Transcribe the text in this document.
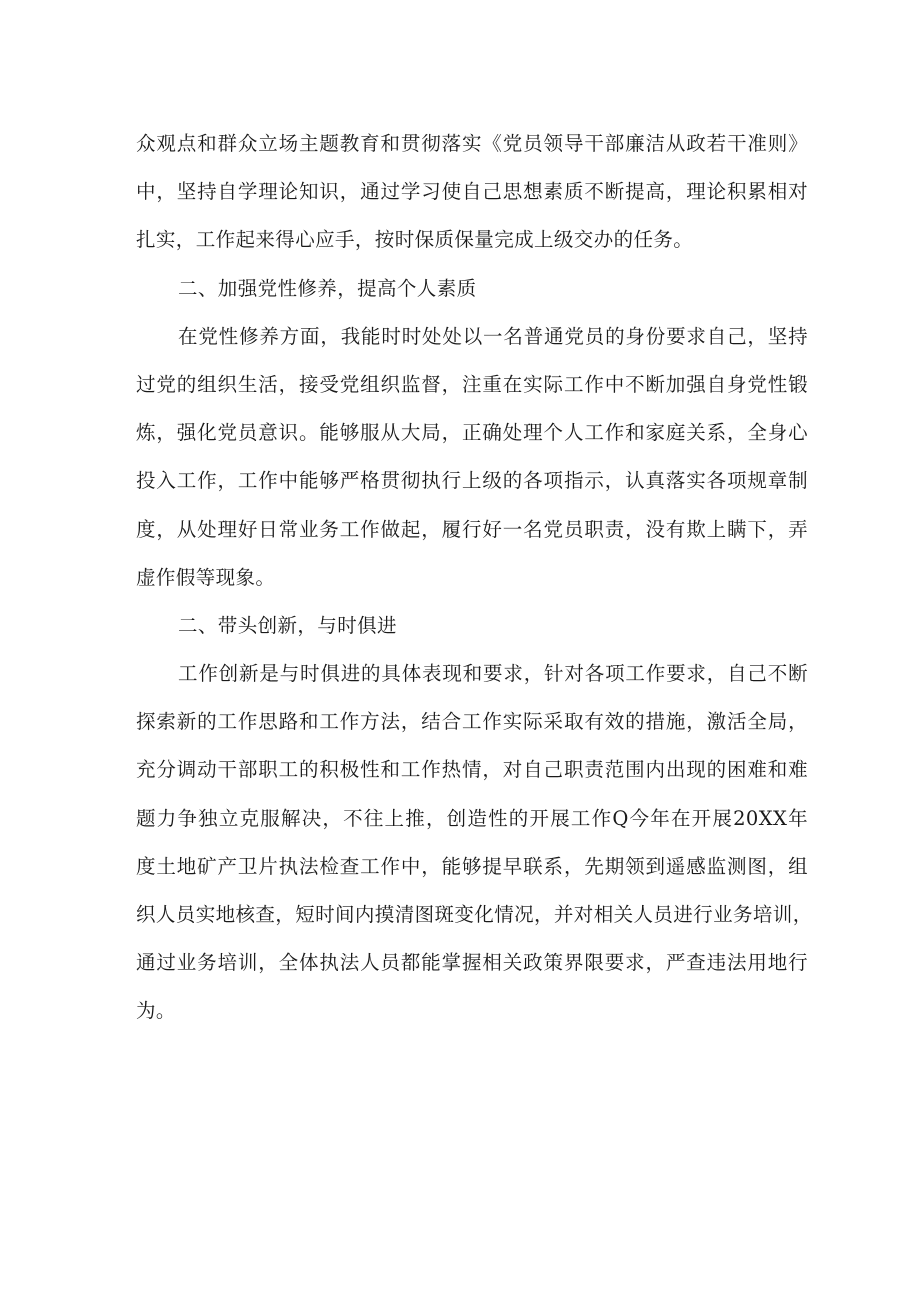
众观点和群众立场主题教育和贯彻落实《党员领导干部廉洁从政若干准则》
中，坚持自学理论知识，通过学习使自己思想素质不断提高，理论积累相对
扎实，工作起来得心应手，按时保质保量完成上级交办的任务。
二、加强党性修养，提高个人素质
在党性修养方面，我能时时处处以一名普通党员的身份要求自己，坚持
过党的组织生活，接受党组织监督，注重在实际工作中不断加强自身党性锻
炼，强化党员意识。能够服从大局，正确处理个人工作和家庭关系，全身心
投入工作，工作中能够严格贯彻执行上级的各项指示，认真落实各项规章制
度，从处理好日常业务工作做起，履行好一名党员职责，没有欺上瞒下，弄
虚作假等现象。
二、带头创新，与时俱进
工作创新是与时俱进的具体表现和要求，针对各项工作要求，自己不断
探索新的工作思路和工作方法，结合工作实际采取有效的措施，激活全局，
充分调动干部职工的积极性和工作热情，对自己职责范围内出现的困难和难
题力争独立克服解决，不往上推，创造性的开展工作Q今年在开展20XX年
度土地矿产卫片执法检查工作中，能够提早联系，先期领到遥感监测图，组
织人员实地核查，短时间内摸清图斑变化情况，并对相关人员进行业务培训，
通过业务培训，全体执法人员都能掌握相关政策界限要求，严查违法用地行
为。
